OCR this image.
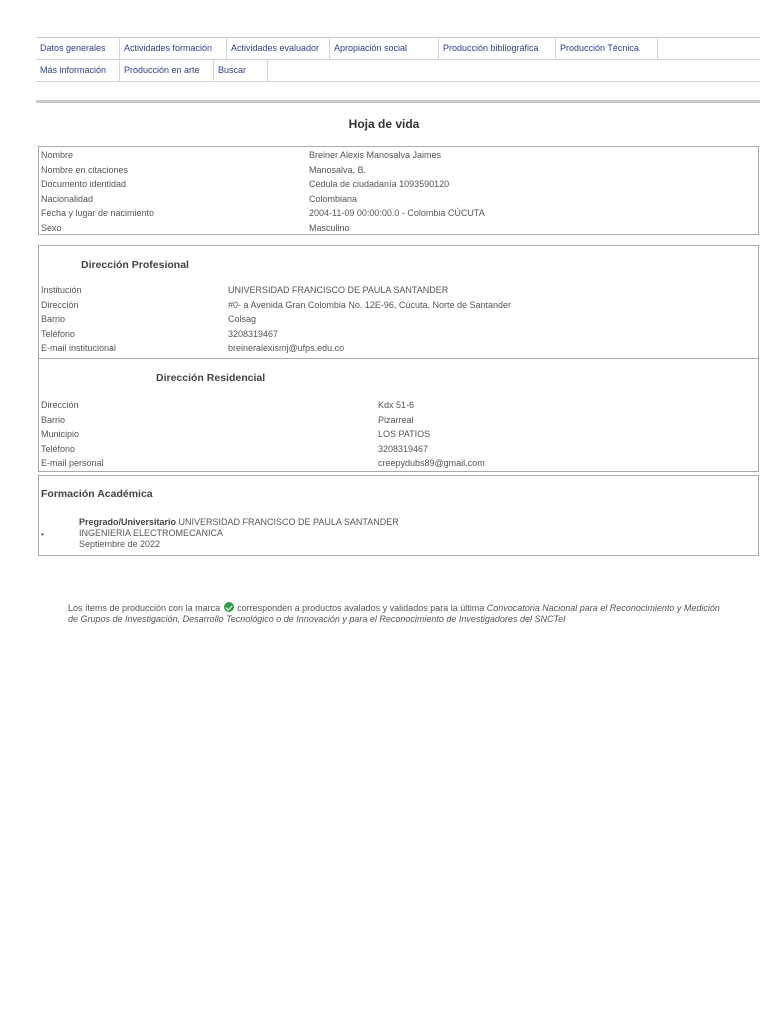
Datos generales	Actividades formación	Actividades evaluador	Apropiación social	Producción bibliográfica	Producción Técnica
Más información	Producción en arte	Buscar
Hoja de vida
Nombre	Breiner Alexis Manosalva Jaimes
Nombre en citaciones	Manosalva, B.
Documento identidad	Cédula de ciudadanía 1093590120
Nacionalidad	Colombiana
Fecha y lugar de nacimiento	2004-11-09 00:00:00.0 - Colombia CÚCUTA
Sexo	Masculino
Dirección Profesional
Institución	UNIVERSIDAD FRANCISCO DE PAULA SANTANDER
Dirección	#0- a Avenida Gran Colombia No. 12E-96, Cúcuta, Norte de Santander
Barrio	Colsag
Teléfono	3208319467
E-mail institucional	breineralexismj@ufps.edu.co
Dirección Residencial
Dirección	Kdx 51-6
Barrio	Pizarreal
Municipio	LOS PATIOS
Teléfono	3208319467
E-mail personal	creepydubs89@gmail.com
Formación Académica
•
Pregrado/Universitario UNIVERSIDAD FRANCISCO DE PAULA SANTANDER
INGENIERIA ELECTROMECANICA
Septiembre de 2022
Los ítems de producción con la marca  corresponden a productos avalados y validados para la última Convocatoria Nacional para el Reconocimiento y Medición de Grupos de Investigación, Desarrollo Tecnológico o de Innovación y para el Reconocimiento de Investigadores del SNCTeI
